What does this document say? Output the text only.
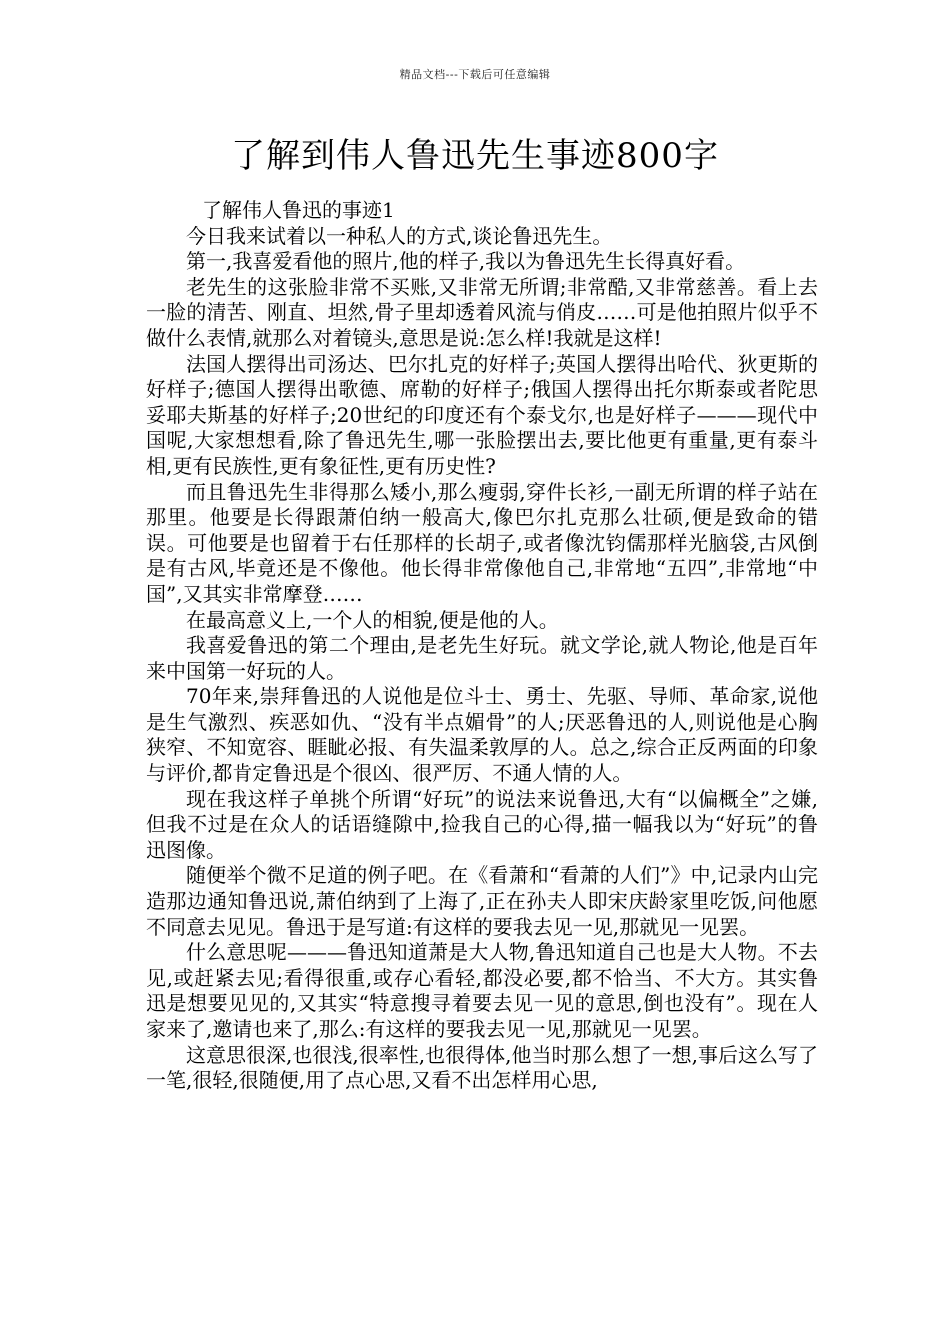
精品文档---下载后可任意编辑
了解到伟人鲁迅先生事迹800字

了解伟人鲁迅的事迹1

今日我来试着以一种私人的方式,谈论鲁迅先生。

第一,我喜爱看他的照片,他的样子,我以为鲁迅先生长得真好看。

老先生的这张脸非常不买账,又非常无所谓;非常酷,又非常慈善。看上去一脸的清苦、刚直、坦然,骨子里却透着风流与俏皮……可是他拍照片似乎不做什么表情,就那么对着镜头,意思是说:怎么样!我就是这样!

法国人摆得出司汤达、巴尔扎克的好样子;英国人摆得出哈代、狄更斯的好样子;德国人摆得出歌德、席勒的好样子;俄国人摆得出托尔斯泰或者陀思妥耶夫斯基的好样子;20世纪的印度还有个泰戈尔,也是好样子———现代中国呢,大家想想看,除了鲁迅先生,哪一张脸摆出去,要比他更有重量,更有泰斗相,更有民族性,更有象征性,更有历史性?

而且鲁迅先生非得那么矮小,那么瘦弱,穿件长衫,一副无所谓的样子站在那里。他要是长得跟萧伯纳一般高大,像巴尔扎克那么壮硕,便是致命的错误。可他要是也留着于右任那样的长胡子,或者像沈钧儒那样光脑袋,古风倒是有古风,毕竟还是不像他。他长得非常像他自己,非常地“五四”,非常地“中国”,又其实非常摩登……

在最高意义上,一个人的相貌,便是他的人。

我喜爱鲁迅的第二个理由,是老先生好玩。就文学论,就人物论,他是百年来中国第一好玩的人。

70年来,崇拜鲁迅的人说他是位斗士、勇士、先驱、导师、革命家,说他是生气激烈、疾恶如仇、“没有半点媚骨”的人;厌恶鲁迅的人,则说他是心胸狭窄、不知宽容、睚眦必报、有失温柔敦厚的人。总之,综合正反两面的印象与评价,都肯定鲁迅是个很凶、很严厉、不通人情的人。

现在我这样子单挑个所谓“好玩”的说法来说鲁迅,大有“以偏概全”之嫌,但我不过是在众人的话语缝隙中,捡我自己的心得,描一幅我以为“好玩”的鲁迅图像。

随便举个微不足道的例子吧。在《看萧和“看萧的人们”》中,记录内山完造那边通知鲁迅说,萧伯纳到了上海了,正在孙夫人即宋庆龄家里吃饭,问他愿不同意去见见。鲁迅于是写道:有这样的要我去见一见,那就见一见罢。

什么意思呢———鲁迅知道萧是大人物,鲁迅知道自己也是大人物。不去见,或赶紧去见;看得很重,或存心看轻,都没必要,都不恰当、不大方。其实鲁迅是想要见见的,又其实“特意搜寻着要去见一见的意思,倒也没有”。现在人家来了,邀请也来了,那么:有这样的要我去见一见,那就见一见罢。

这意思很深,也很浅,很率性,也很得体,他当时那么想了一想,事后这么写了一笔,很轻,很随便,用了点心思,又看不出怎样用心思,
